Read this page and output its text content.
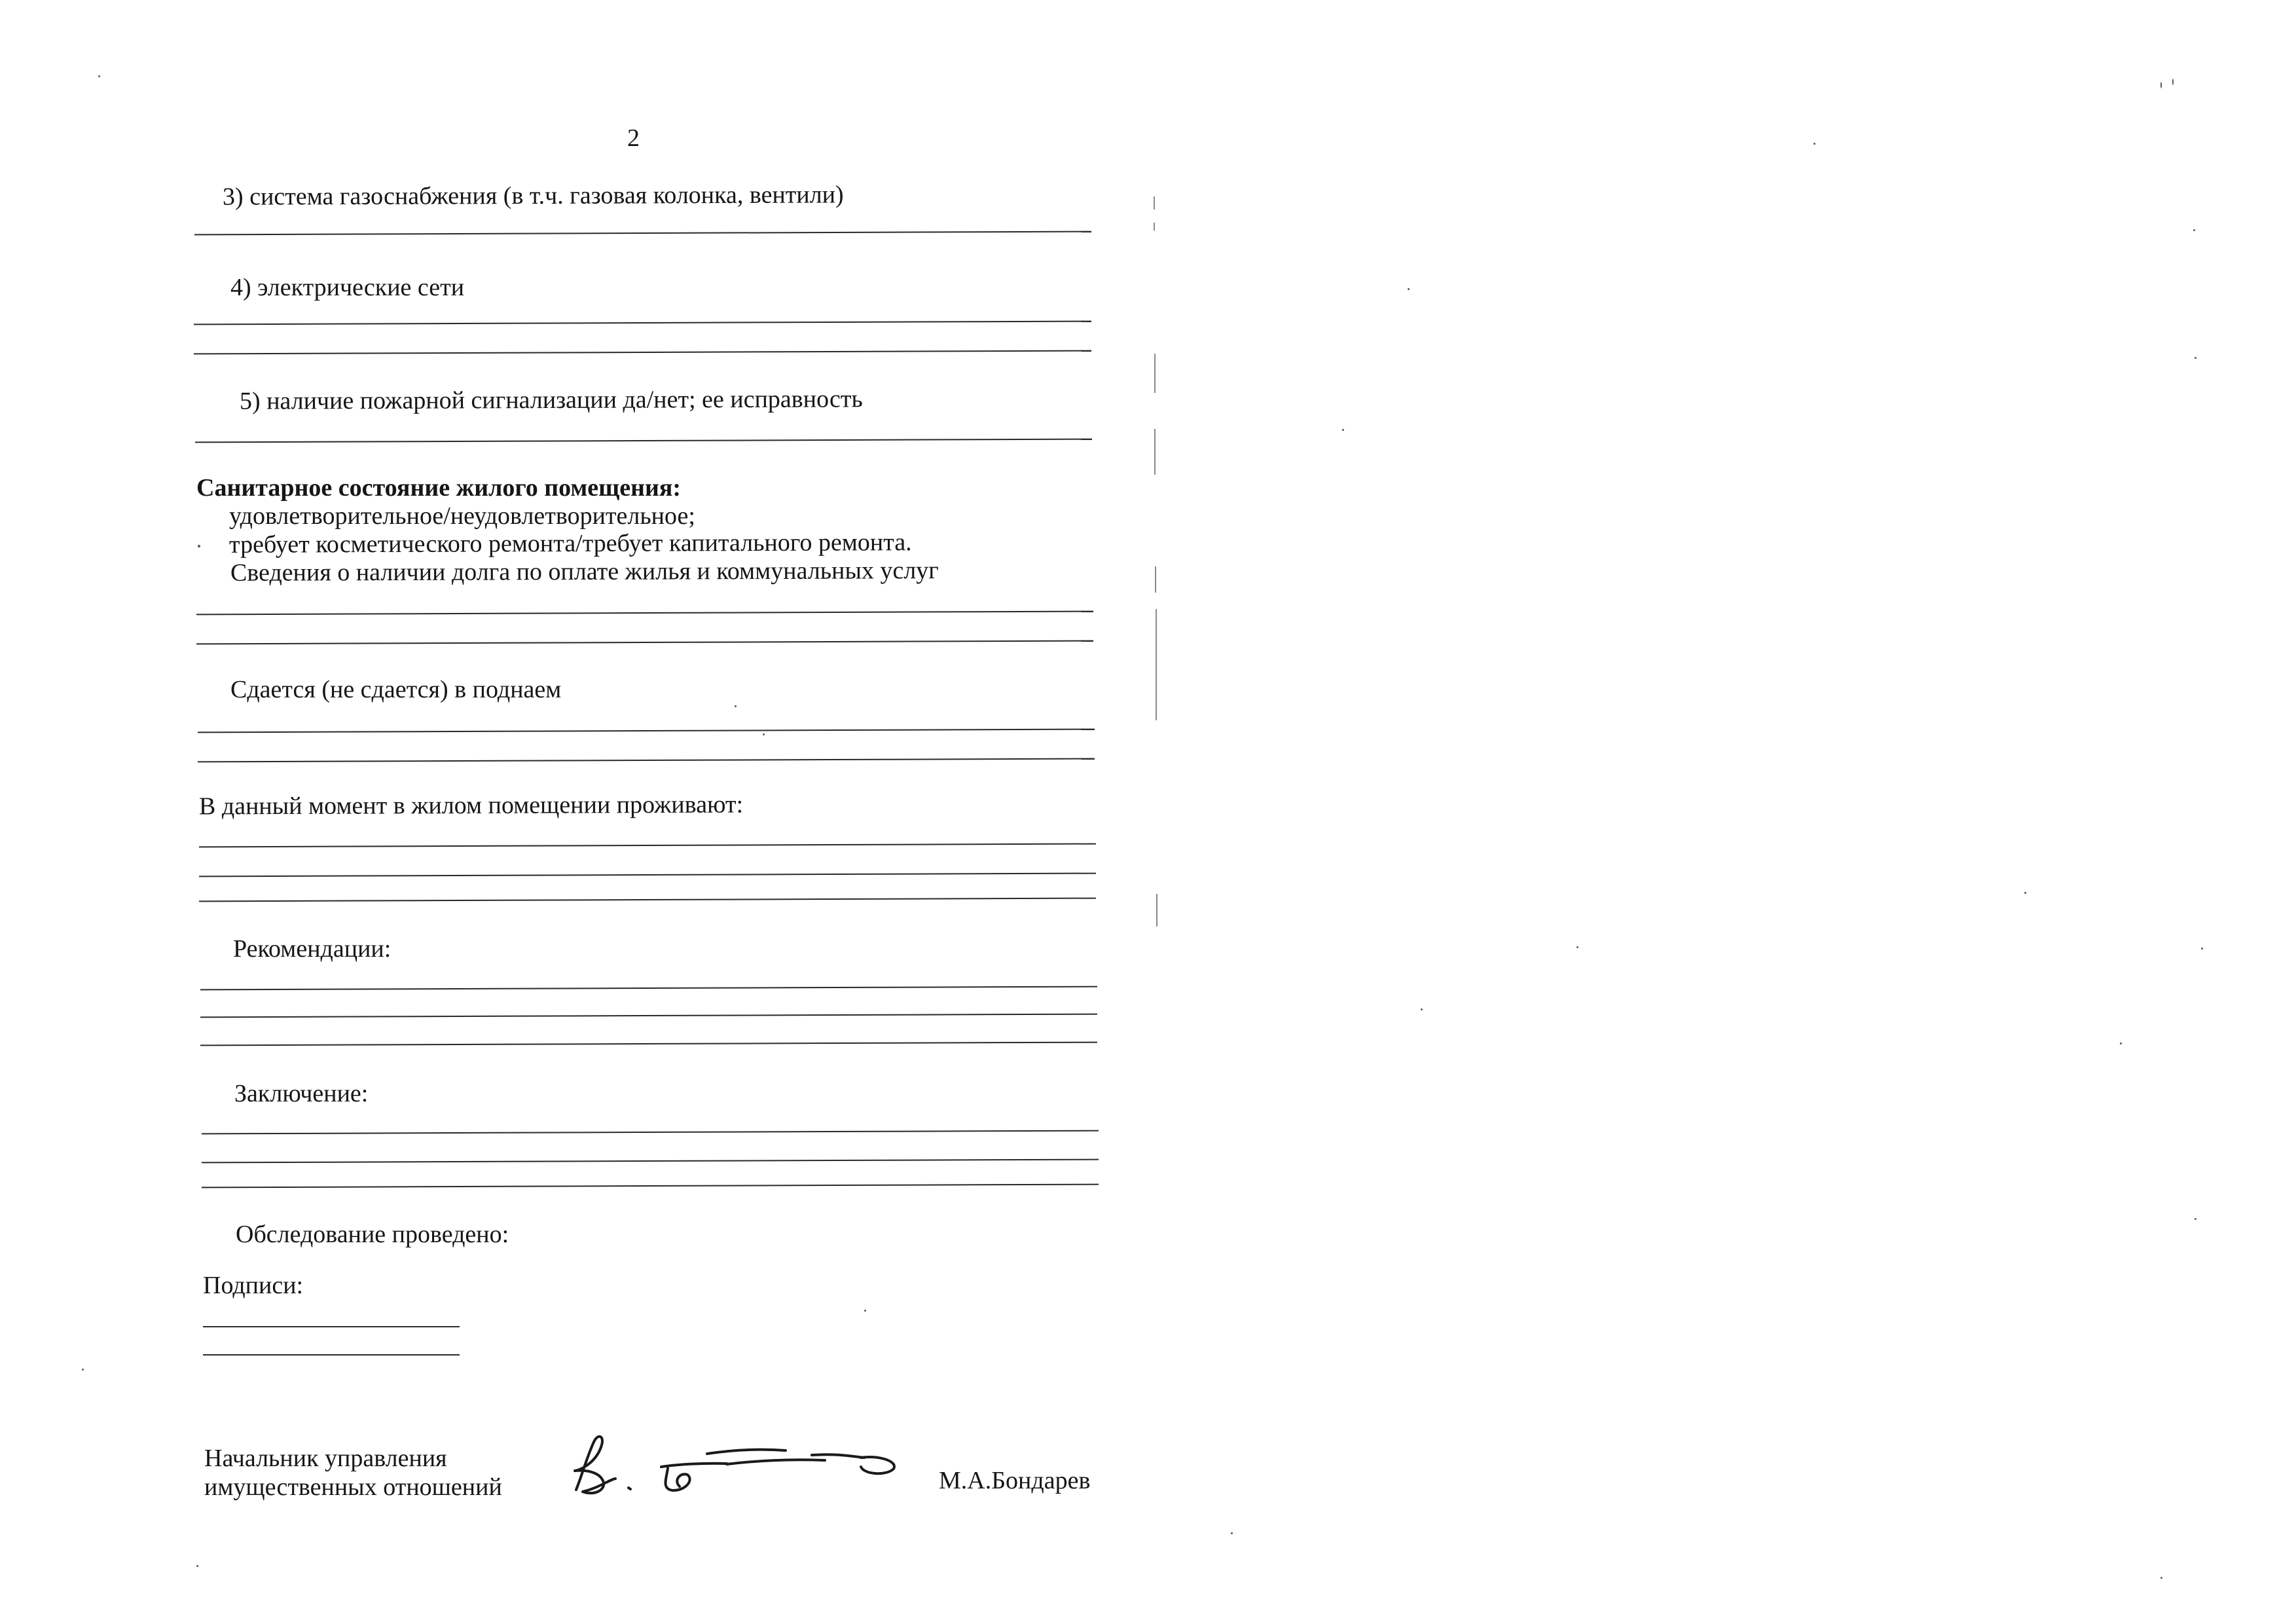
2
3) система газоснабжения (в т.ч. газовая колонка, вентили)
4) электрические сети
5) наличие пожарной сигнализации да/нет; ее исправность
Санитарное состояние жилого помещения:
удовлетворительное/неудовлетворительное;
требует косметического ремонта/требует капитального ремонта.
Сведения о наличии долга по оплате жилья и коммунальных услуг
Сдается (не сдается) в поднаем
В данный момент в жилом помещении проживают:
Рекомендации:
Заключение:
Обследование проведено:
Подписи:
Начальник управления
имущественных отношений	М.А.Бондарев
